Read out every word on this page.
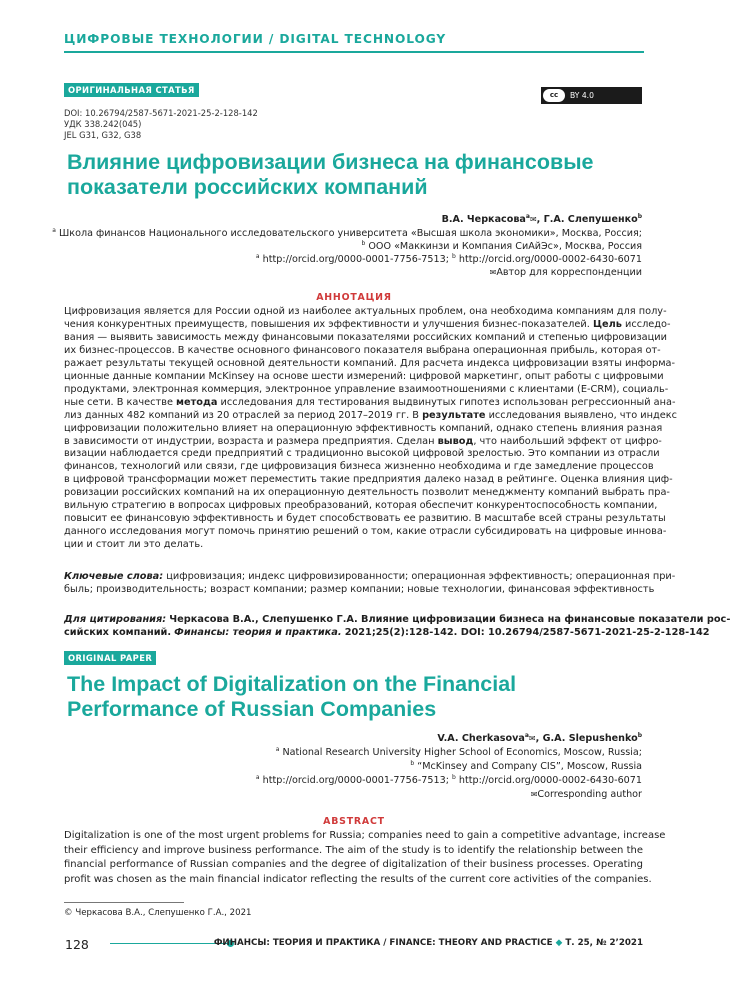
ЦИФРОВЫЕ ТЕХНОЛОГИИ / DIGITAL TECHNOLOGY
ОРИГИНАЛЬНАЯ СТАТЬЯ	cc	BY 4.0
DOI: 10.26794/2587-5671-2021-25-2-128-142
УДК 338.242(045)
JEL G31, G32, G38
Влияние цифровизации бизнеса на финансовые
показатели российских компаний
В.А. Черкасова$^a$✉, Г.А. Слепушенко$^b$
$^a$ Школа финансов Национального исследовательского университета «Высшая школа экономики», Москва, Россия;
$^b$ ООО «Маккинзи и Компания СиАйЭс», Москва, Россия
$^a$ http://orcid.org/0000-0001-7756-7513; $^b$ http://orcid.org/0000-0002-6430-6071
✉Автор для корреспонденции
АННОТАЦИЯ
Цифровизация является для России одной из наиболее актуальных проблем, она необходима компаниям для полу-
чения конкурентных преимуществ, повышения их эффективности и улучшения бизнес-показателей. Цель исследо-
вания — выявить зависимость между финансовыми показателями российских компаний и степенью цифровизации
их бизнес-процессов. В качестве основного финансового показателя выбрана операционная прибыль, которая от-
ражает результаты текущей основной деятельности компаний. Для расчета индекса цифровизации взяты информа-
ционные данные компании McKinsey на основе шести измерений: цифровой маркетинг, опыт работы с цифровыми
продуктами, электронная коммерция, электронное управление взаимоотношениями с клиентами (E-CRM), социаль-
ные сети. В качестве метода исследования для тестирования выдвинутых гипотез использован регрессионный ана-
лиз данных 482 компаний из 20 отраслей за период 2017–2019 гг. В результате исследования выявлено, что индекс
цифровизации положительно влияет на операционную эффективность компаний, однако степень влияния разная
в зависимости от индустрии, возраста и размера предприятия. Сделан вывод, что наибольший эффект от цифро-
визации наблюдается среди предприятий с традиционно высокой цифровой зрелостью. Это компании из отрасли
финансов, технологий или связи, где цифровизация бизнеса жизненно необходима и где замедление процессов
в цифровой трансформации может переместить такие предприятия далеко назад в рейтинге. Оценка влияния циф-
ровизации российских компаний на их операционную деятельность позволит менеджменту компаний выбрать пра-
вильную стратегию в вопросах цифровых преобразований, которая обеспечит конкурентоспособность компании,
повысит ее финансовую эффективность и будет способствовать ее развитию. В масштабе всей страны результаты
данного исследования могут помочь принятию решений о том, какие отрасли субсидировать на цифровые иннова-
ции и стоит ли это делать.
Ключевые слова: цифровизация; индекс цифровизированности; операционная эффективность; операционная при-
быль; производительность; возраст компании; размер компании; новые технологии, финансовая эффективность
Для цитирования: Черкасова В.А., Слепушенко Г.А. Влияние цифровизации бизнеса на финансовые показатели рос-
сийских компаний. Финансы: теория и практика. 2021;25(2):128-142. DOI: 10.26794/2587-5671-2021-25-2-128-142
ORIGINAL PAPER
The Impact of Digitalization on the Financial
Performance of Russian Companies
V.A. Cherkasova$^a$✉, G.A. Slepushenko$^b$
$^a$ National Research University Higher School of Economics, Moscow, Russia;
$^b$ “McKinsey and Company CIS”, Moscow, Russia
$^a$ http://orcid.org/0000-0001-7756-7513; $^b$ http://orcid.org/0000-0002-6430-6071
✉Corresponding author
ABSTRACT
Digitalization is one of the most urgent problems for Russia; companies need to gain a competitive advantage, increase
their efficiency and improve business performance. The aim of the study is to identify the relationship between the
financial performance of Russian companies and the degree of digitalization of their business processes. Operating
profit was chosen as the main financial indicator reflecting the results of the current core activities of the companies.
© Черкасова В.А., Слепушенко Г.А., 2021
128	ФИНАНСЫ: ТЕОРИЯ И ПРАКТИКА / FINANCE: THEORY AND PRACTICE ◆ Т. 25, № 2’2021
